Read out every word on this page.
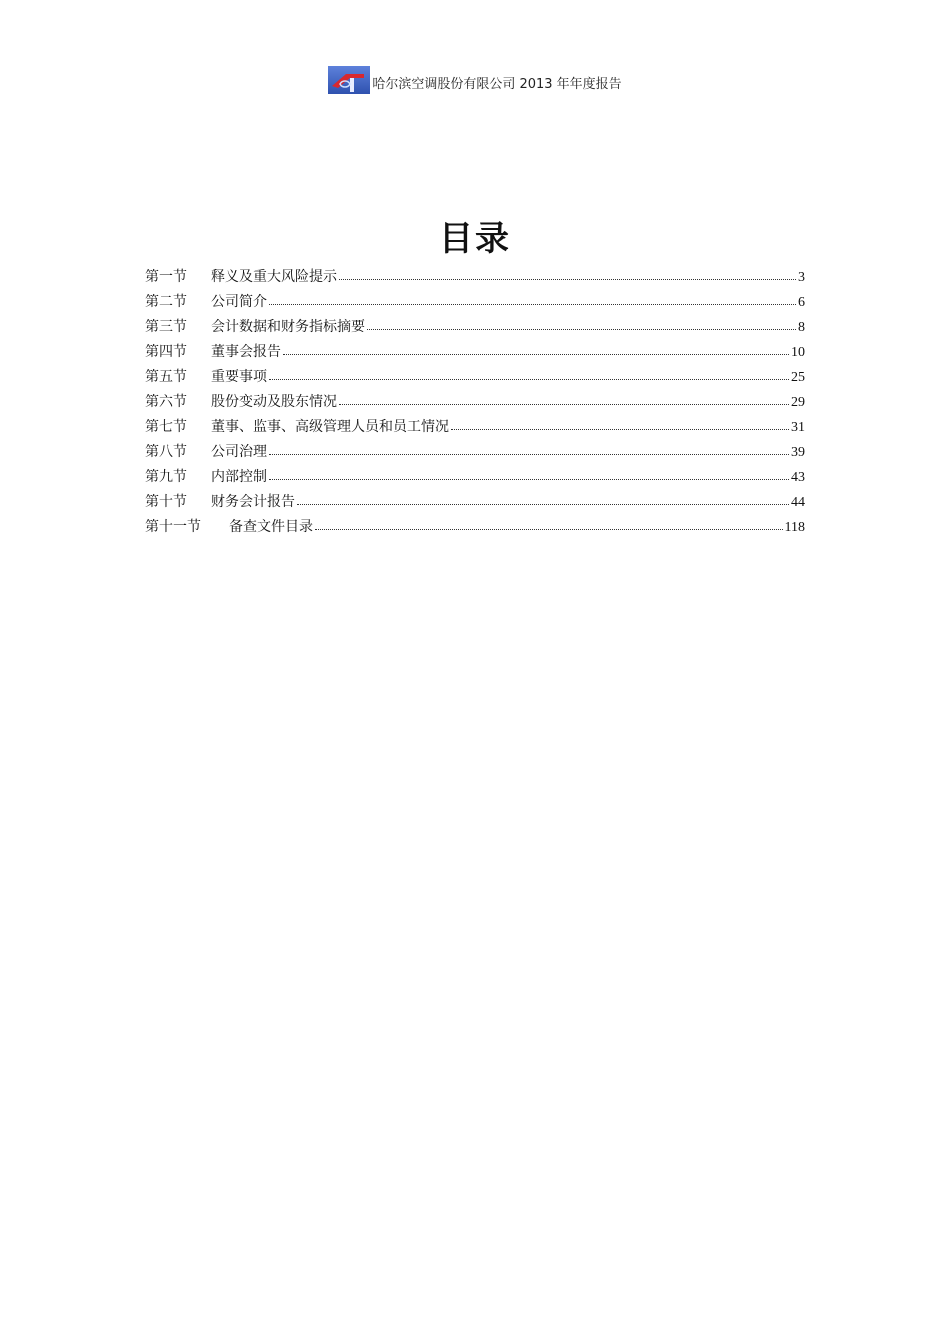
哈尔滨空调股份有限公司 2013 年年度报告
目录
第一节	释义及重大风险提示	3
第二节	公司简介	6
第三节	会计数据和财务指标摘要	8
第四节	董事会报告	10
第五节	重要事项	25
第六节	股份变动及股东情况	29
第七节	董事、监事、高级管理人员和员工情况	31
第八节	公司治理	39
第九节	内部控制	43
第十节	财务会计报告	44
第十一节	备查文件目录	118
